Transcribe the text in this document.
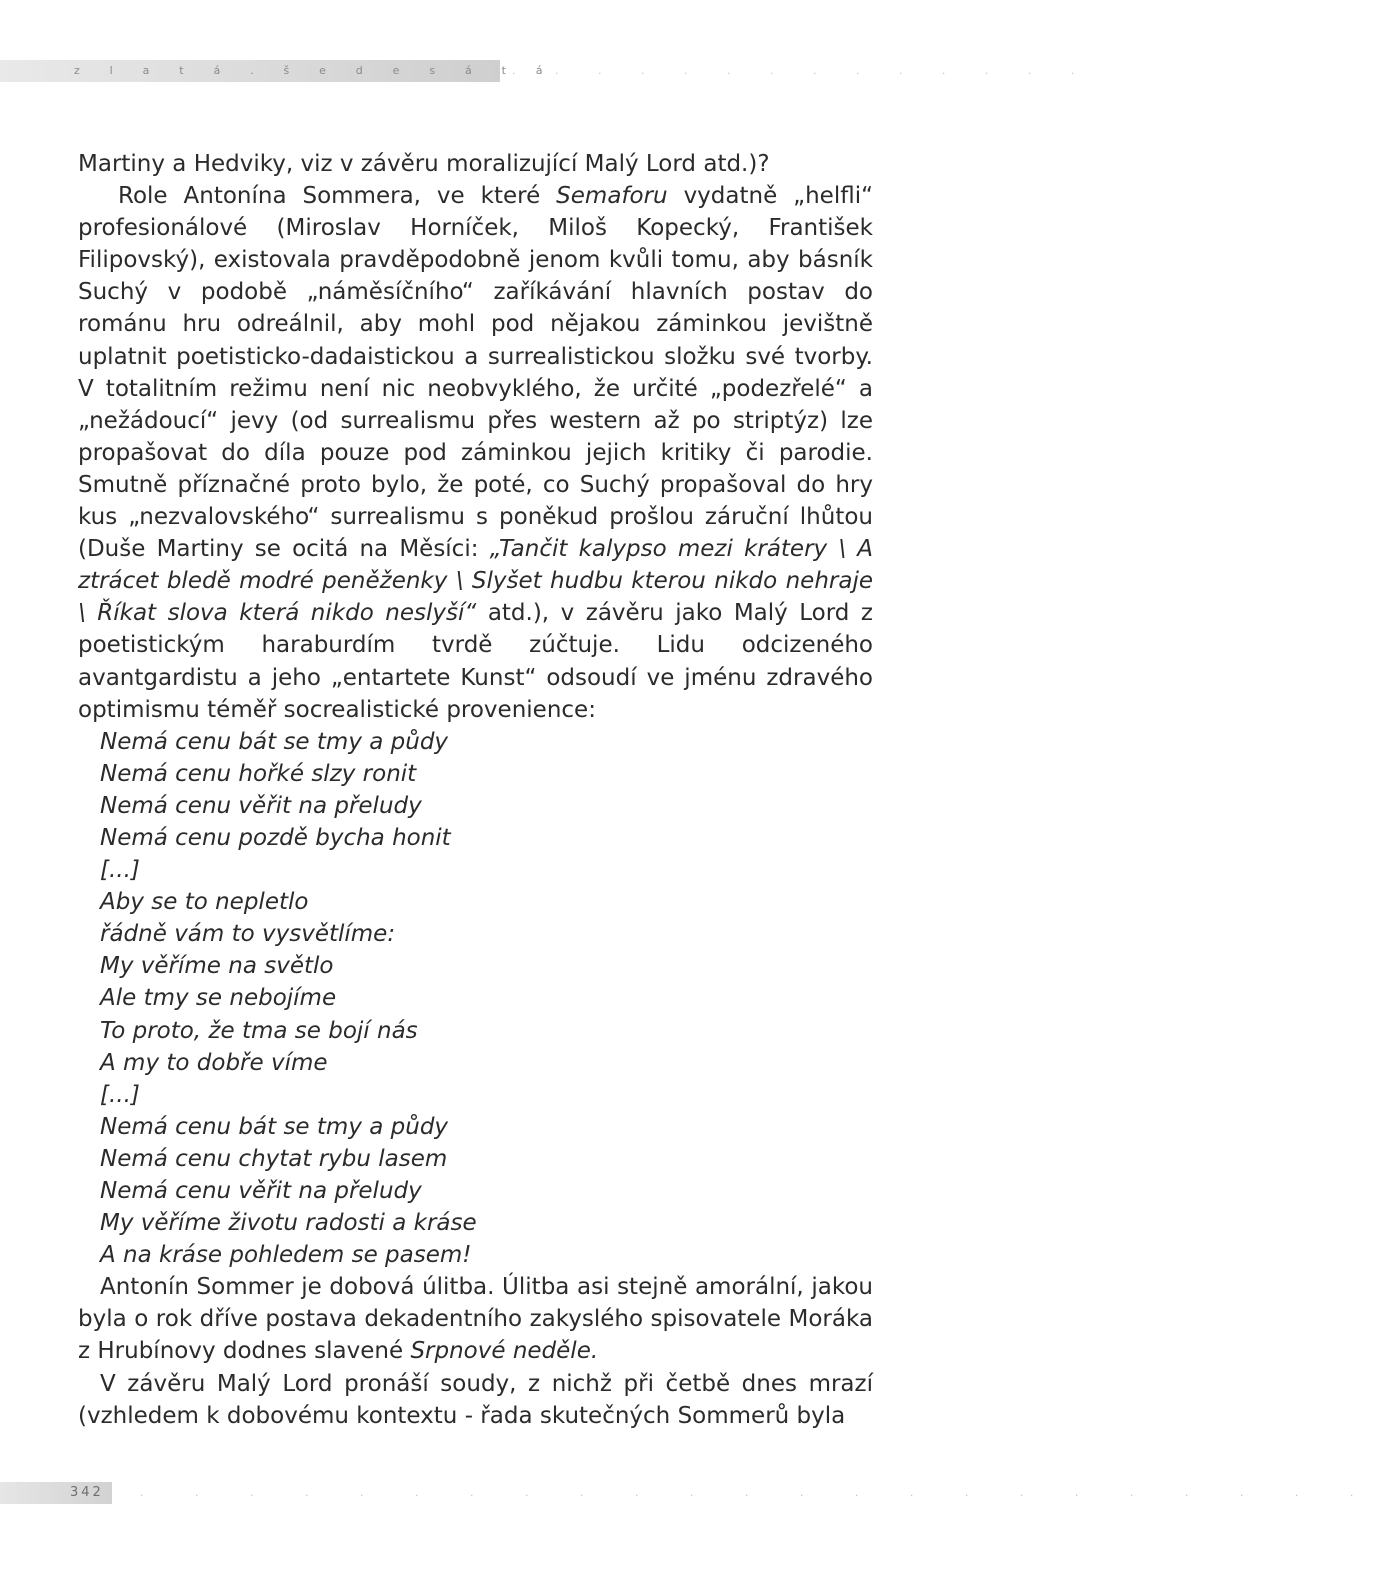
z l a t á . š e d e s á t á
. . . . . . . . . . . . . .

Martiny a Hedviky, viz v závěru moralizující Malý Lord atd.)?

Role Antonína Sommera, ve které Semaforu vydatně „helfli“ profesionálové (Miroslav Horníček, Miloš Kopecký, František Filipovský), existovala pravděpodobně jenom kvůli tomu, aby básník Suchý v podobě „náměsíčního“ zaříkávání hlavních postav do románu hru odreálnil, aby mohl pod nějakou záminkou jevištně uplatnit poetisticko-dadaistickou a surrealistickou složku své tvorby. V totalitním režimu není nic neobvyklého, že určité „podezřelé“ a „nežádoucí“ jevy (od surrealismu přes western až po striptýz) lze propašovat do díla pouze pod záminkou jejich kritiky či parodie. Smutně příznačné proto bylo, že poté, co Suchý propašoval do hry kus „nezvalovského“ surrealismu s poněkud prošlou záruční lhůtou (Duše Martiny se ocitá na Měsíci: „Tančit kalypso mezi krátery \ A ztrácet bledě modré peněženky \ Slyšet hudbu kterou nikdo nehraje \ Říkat slova která nikdo neslyší“ atd.), v závěru jako Malý Lord z poetistickým haraburdím tvrdě zúčtuje. Lidu odcizeného avantgardistu a jeho „entartete Kunst“ odsoudí ve jménu zdravého optimismu téměř socrealistické provenience:

Nemá cenu bát se tmy a půdy
Nemá cenu hořké slzy ronit
Nemá cenu věřit na přeludy
Nemá cenu pozdě bycha honit
[...]
Aby se to nepletlo
řádně vám to vysvětlíme:
My věříme na světlo
Ale tmy se nebojíme
To proto, že tma se bojí nás
A my to dobře víme
[...]
Nemá cenu bát se tmy a půdy
Nemá cenu chytat rybu lasem
Nemá cenu věřit na přeludy
My věříme životu radosti a kráse
A na kráse pohledem se pasem!

Antonín Sommer je dobová úlitba. Úlitba asi stejně amorální, jakou byla o rok dříve postava dekadentního zakyslého spisovatele Moráka z Hrubínovy dodnes slavené Srpnové neděle.

V závěru Malý Lord pronáší soudy, z nichž při četbě dnes mrazí (vzhledem k dobovému kontextu - řada skutečných Sommerů byla

342	. . . . . . . . . . . . . . . . . . . . . . .
